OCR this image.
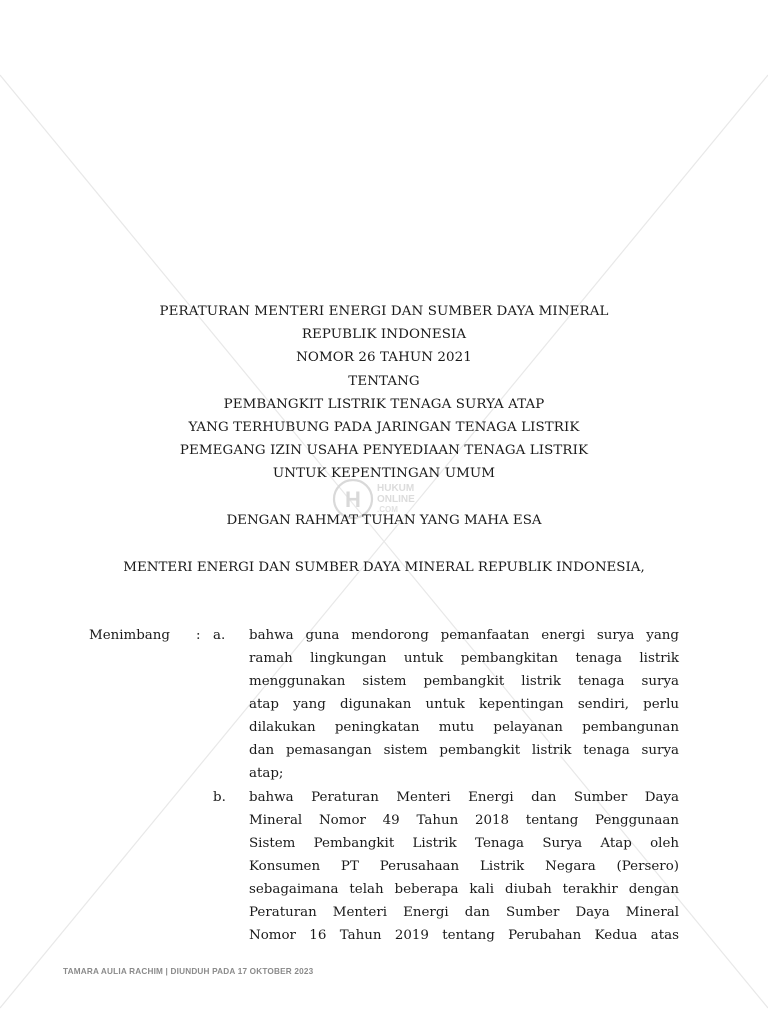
PERATURAN MENTERI ENERGI DAN SUMBER DAYA MINERAL
REPUBLIK INDONESIA
NOMOR 26 TAHUN 2021
TENTANG
PEMBANGKIT LISTRIK TENAGA SURYA ATAP
YANG TERHUBUNG PADA JARINGAN TENAGA LISTRIK
PEMEGANG IZIN USAHA PENYEDIAAN TENAGA LISTRIK
UNTUK KEPENTINGAN UMUM
H HUKUM
ONLINE
.COM
DENGAN RAHMAT TUHAN YANG MAHA ESA
MENTERI ENERGI DAN SUMBER DAYA MINERAL REPUBLIK INDONESIA,
Menimbang : a. bahwa guna mendorong pemanfaatan energi surya yang
ramah lingkungan untuk pembangkitan tenaga listrik
menggunakan sistem pembangkit listrik tenaga surya
atap yang digunakan untuk kepentingan sendiri, perlu
dilakukan peningkatan mutu pelayanan pembangunan
dan pemasangan sistem pembangkit listrik tenaga surya
atap;
b. bahwa Peraturan Menteri Energi dan Sumber Daya
Mineral Nomor 49 Tahun 2018 tentang Penggunaan
Sistem Pembangkit Listrik Tenaga Surya Atap oleh
Konsumen PT Perusahaan Listrik Negara (Persero)
sebagaimana telah beberapa kali diubah terakhir dengan
Peraturan Menteri Energi dan Sumber Daya Mineral
Nomor 16 Tahun 2019 tentang Perubahan Kedua atas
TAMARA AULIA RACHIM | DIUNDUH PADA 17 OKTOBER 2023
